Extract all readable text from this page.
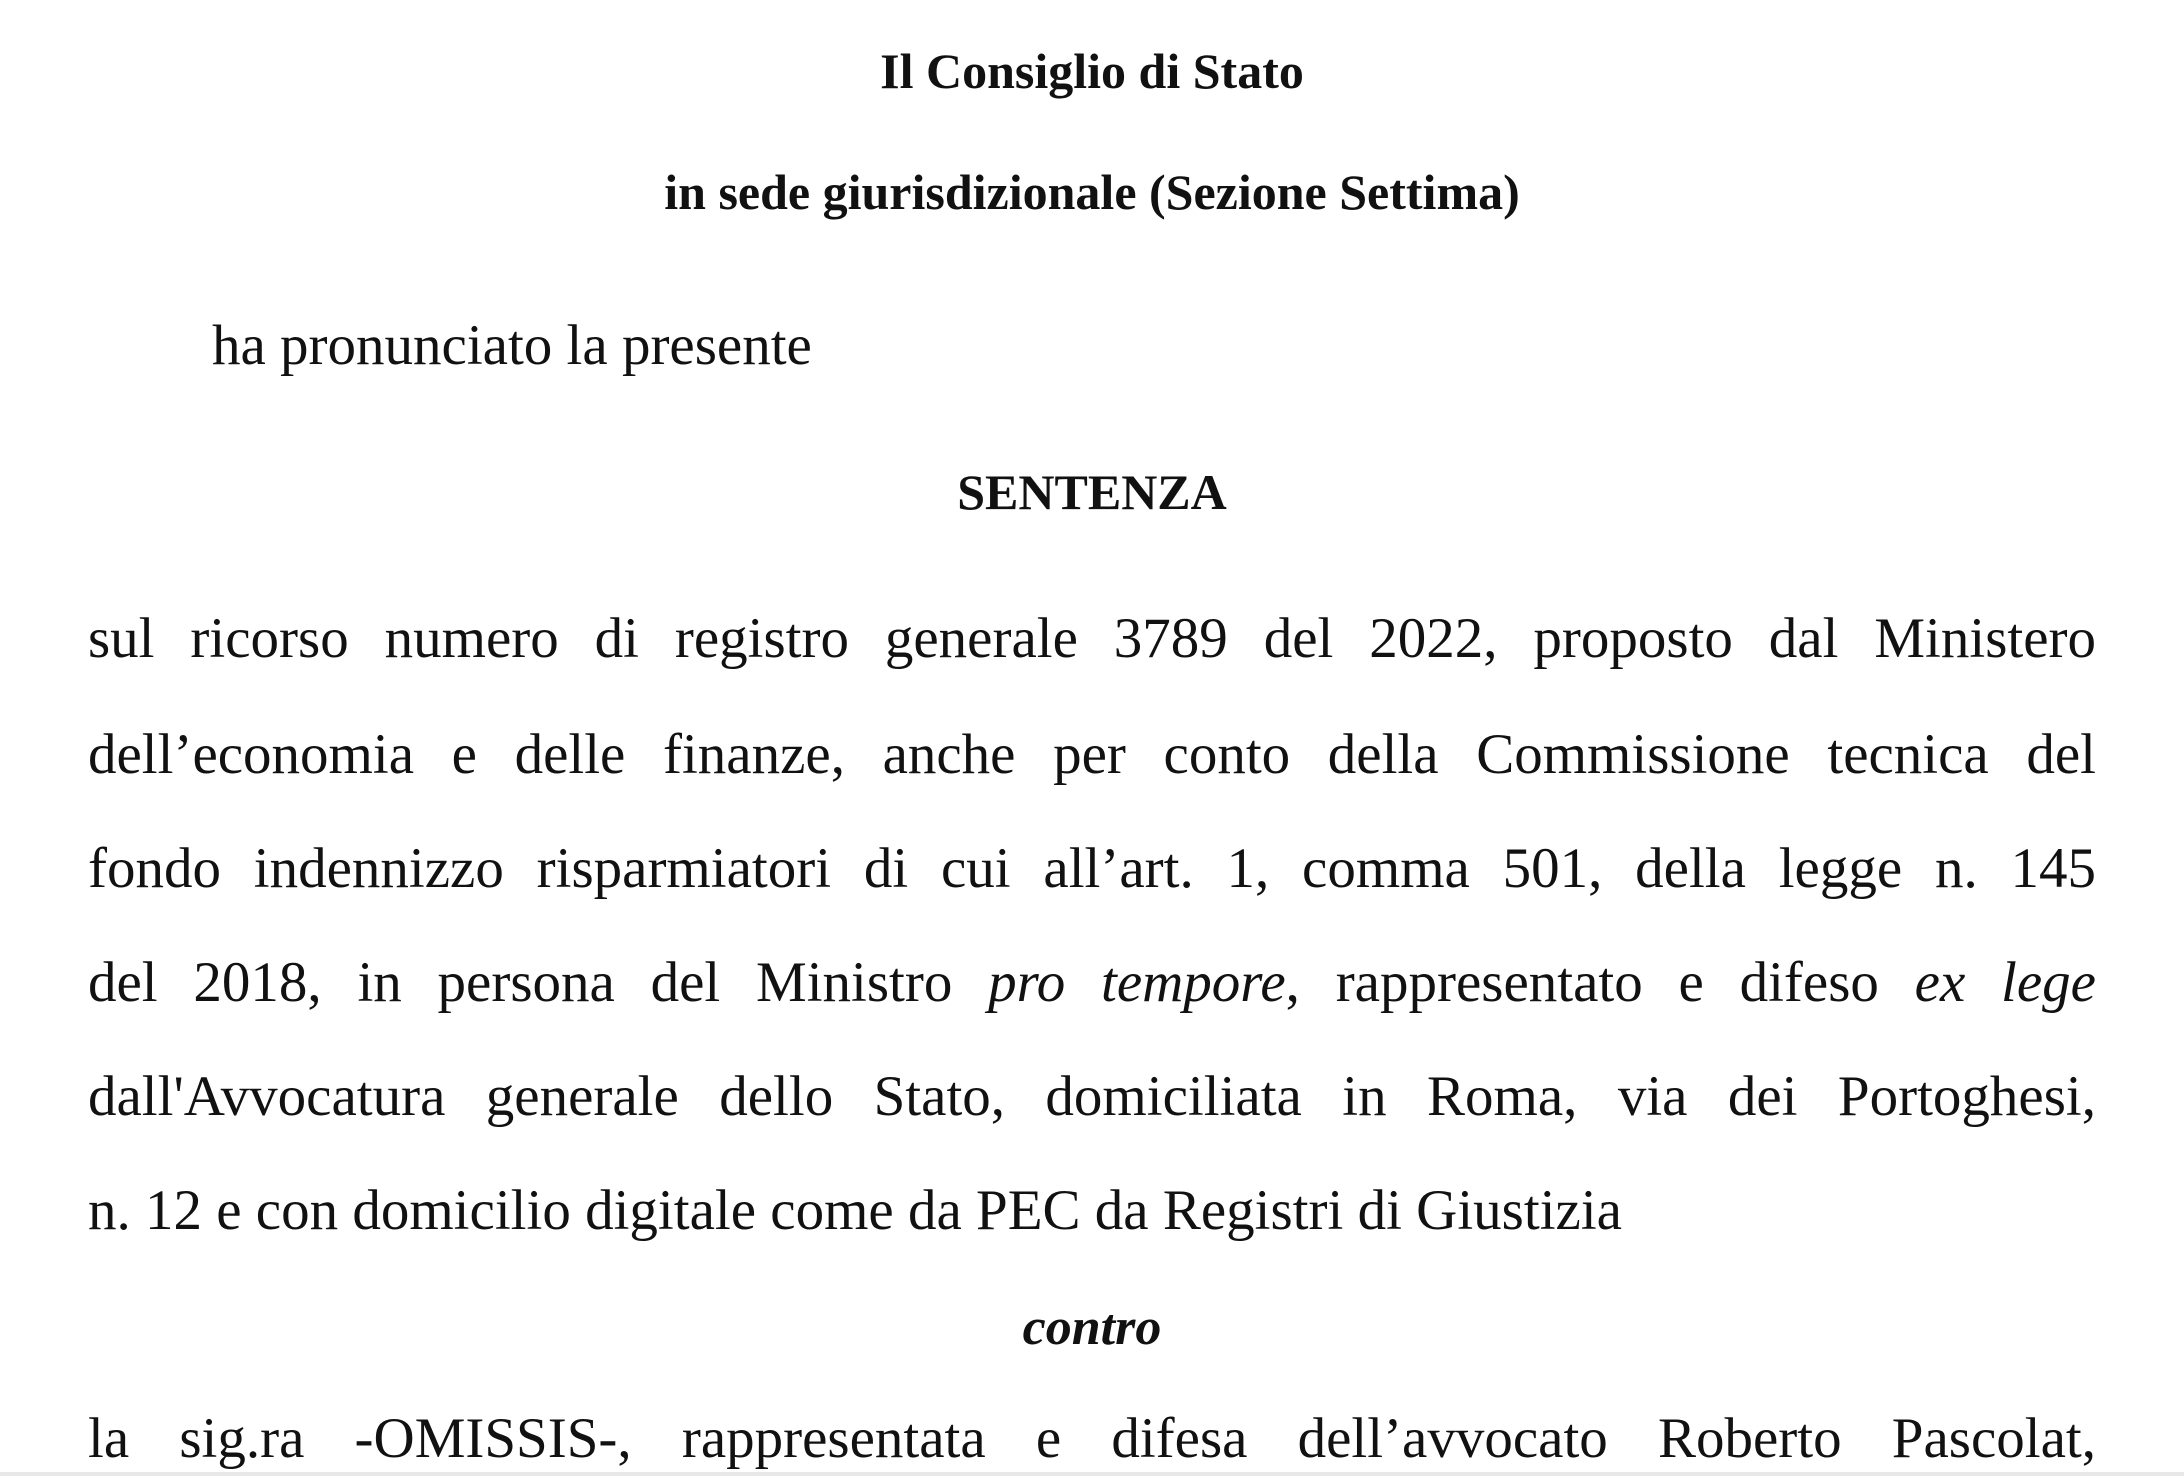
Il Consiglio di Stato
in sede giurisdizionale (Sezione Settima)
ha pronunciato la presente
SENTENZA
sul ricorso numero di registro generale 3789 del 2022, proposto dal Ministero
dell’economia e delle finanze, anche per conto della Commissione tecnica del
fondo indennizzo risparmiatori di cui all’art. 1, comma 501, della legge n. 145
del 2018, in persona del Ministro pro tempore, rappresentato e difeso ex lege
dall'Avvocatura generale dello Stato, domiciliata in Roma, via dei Portoghesi,
n. 12 e con domicilio digitale come da PEC da Registri di Giustizia
contro
la sig.ra -OMISSIS-, rappresentata e difesa dell’avvocato Roberto Pascolat,
